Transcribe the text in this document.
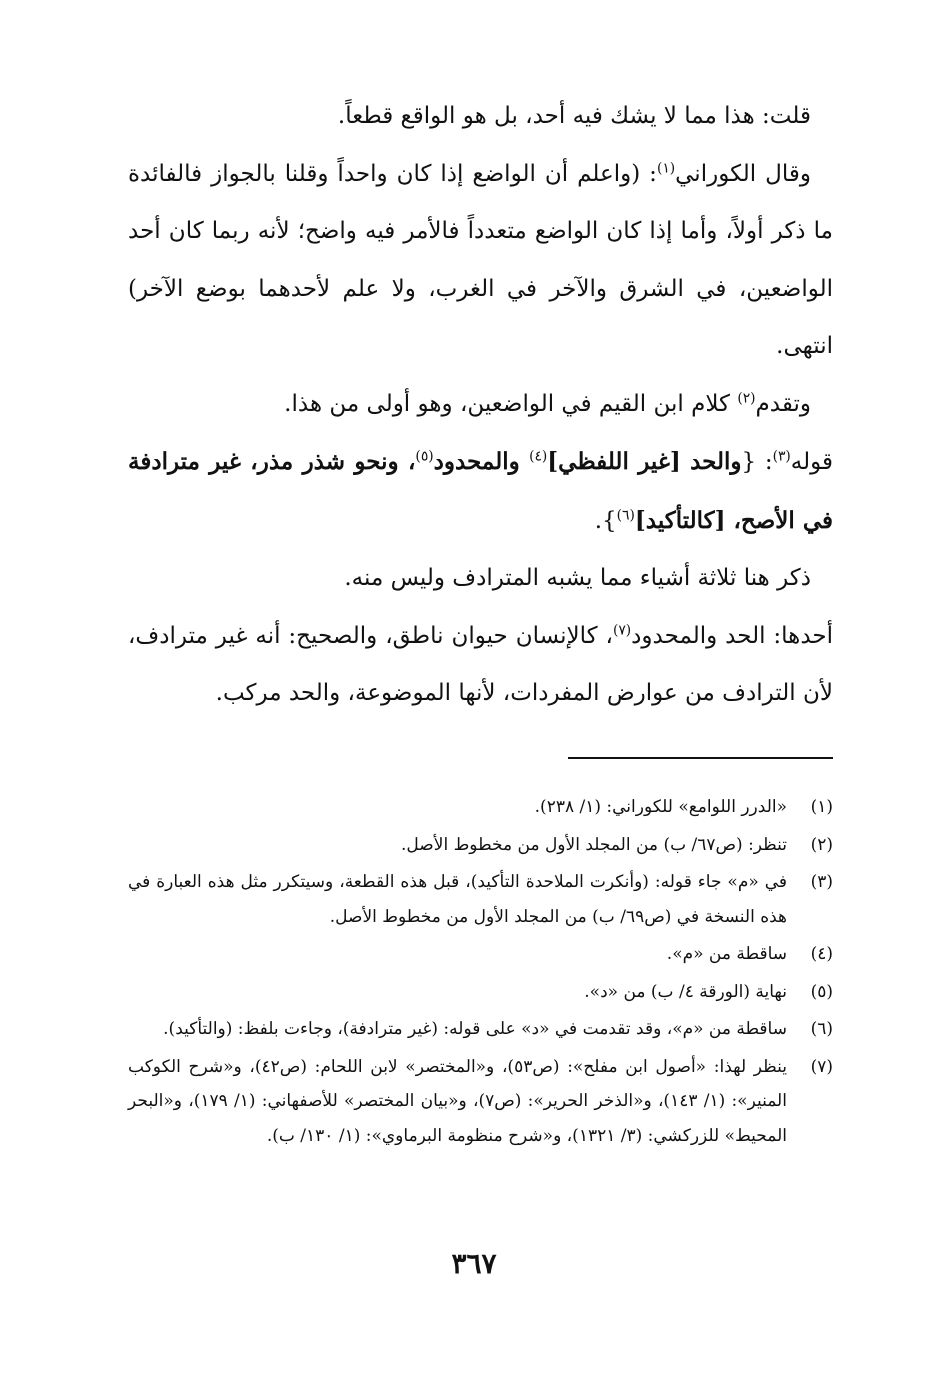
قلت: هذا مما لا يشك فيه أحد، بل هو الواقع قطعاً.

وقال الكوراني$^{(١)}$: (واعلم أن الواضع إذا كان واحداً وقلنا بالجواز فالفائدة ما ذكر أولاً، وأما إذا كان الواضع متعدداً فالأمر فيه واضح؛ لأنه ربما كان أحد الواضعين، في الشرق والآخر في الغرب، ولا علم لأحدهما بوضع الآخر) انتهى.

وتقدم$^{(٢)}$ كلام ابن القيم في الواضعين، وهو أولى من هذا.

قوله$^{(٣)}$: {والحد [غير اللفظي]$^{(٤)}$ والمحدود$^{(٥)}$، ونحو شذر مذر، غير مترادفة في الأصح، [كالتأكيد]$^{(٦)}$}.

ذكر هنا ثلاثة أشياء مما يشبه المترادف وليس منه.

أحدها: الحد والمحدود$^{(٧)}$، كالإنسان حيوان ناطق، والصحيح: أنه غير مترادف، لأن الترادف من عوارض المفردات، لأنها الموضوعة، والحد مركب.

(١)
«الدرر اللوامع» للكوراني: (١/ ٢٣٨).
(٢)
تنظر: (ص٦٧/ ب) من المجلد الأول من مخطوط الأصل.
(٣)
في «م» جاء قوله: (وأنكرت الملاحدة التأكيد)، قبل هذه القطعة، وسيتكرر مثل هذه العبارة في هذه النسخة في (ص٦٩/ ب) من المجلد الأول من مخطوط الأصل.
(٤)
ساقطة من «م».
(٥)
نهاية (الورقة ٤/ ب) من «د».
(٦)
ساقطة من «م»، وقد تقدمت في «د» على قوله: (غير مترادفة)، وجاءت بلفظ: (والتأكيد).
(٧)
ينظر لهذا: «أصول ابن مفلح»: (ص٥٣)، و«المختصر» لابن اللحام: (ص٤٢)، و«شرح الكوكب المنير»: (١/ ١٤٣)، و«الذخر الحرير»: (ص٧)، و«بيان المختصر» للأصفهاني: (١/ ١٧٩)، و«البحر المحيط» للزركشي: (٣/ ١٣٢١)، و«شرح منظومة البرماوي»: (١/ ١٣٠/ ب).
٣٦٧
